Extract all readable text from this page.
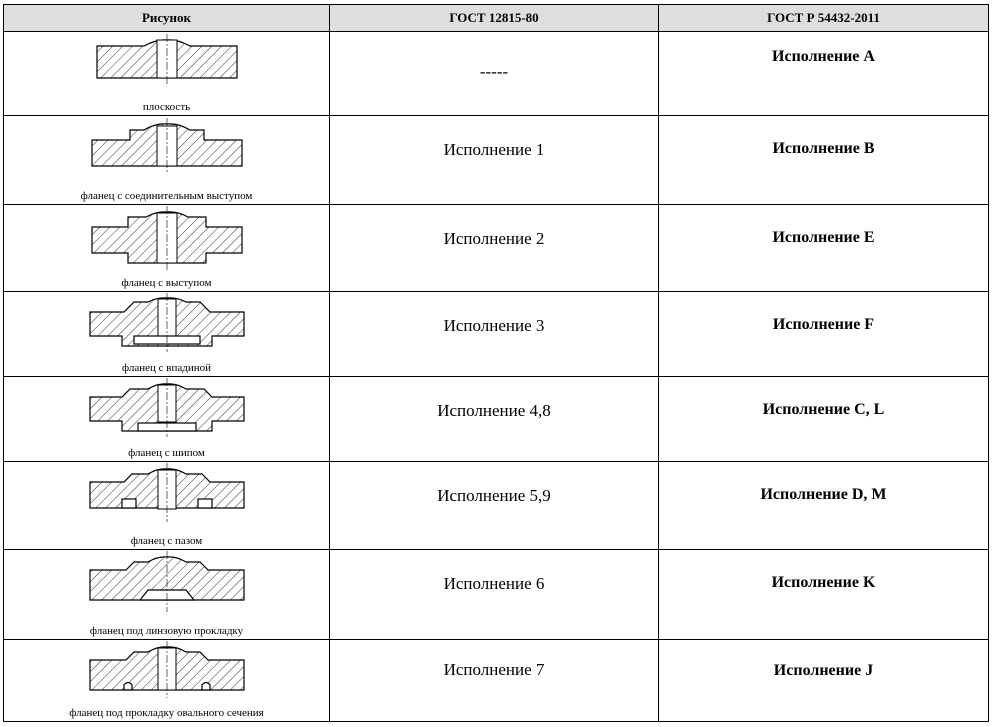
Рисунок	ГОСТ 12815-80	ГОСТ Р 54432-2011

плоскость	-----	Исполнение А

фланец с соединительным выступом	Исполнение 1	Исполнение B

фланец с выступом	Исполнение 2	Исполнение E

фланец с впадиной	Исполнение 3	Исполнение F

фланец с шипом	Исполнение 4,8	Исполнение C, L

фланец с пазом	Исполнение 5,9	Исполнение D, M

фланец под линзовую прокладку	Исполнение 6	Исполнение K

фланец под прокладку овального сечения	Исполнение 7	Исполнение J
